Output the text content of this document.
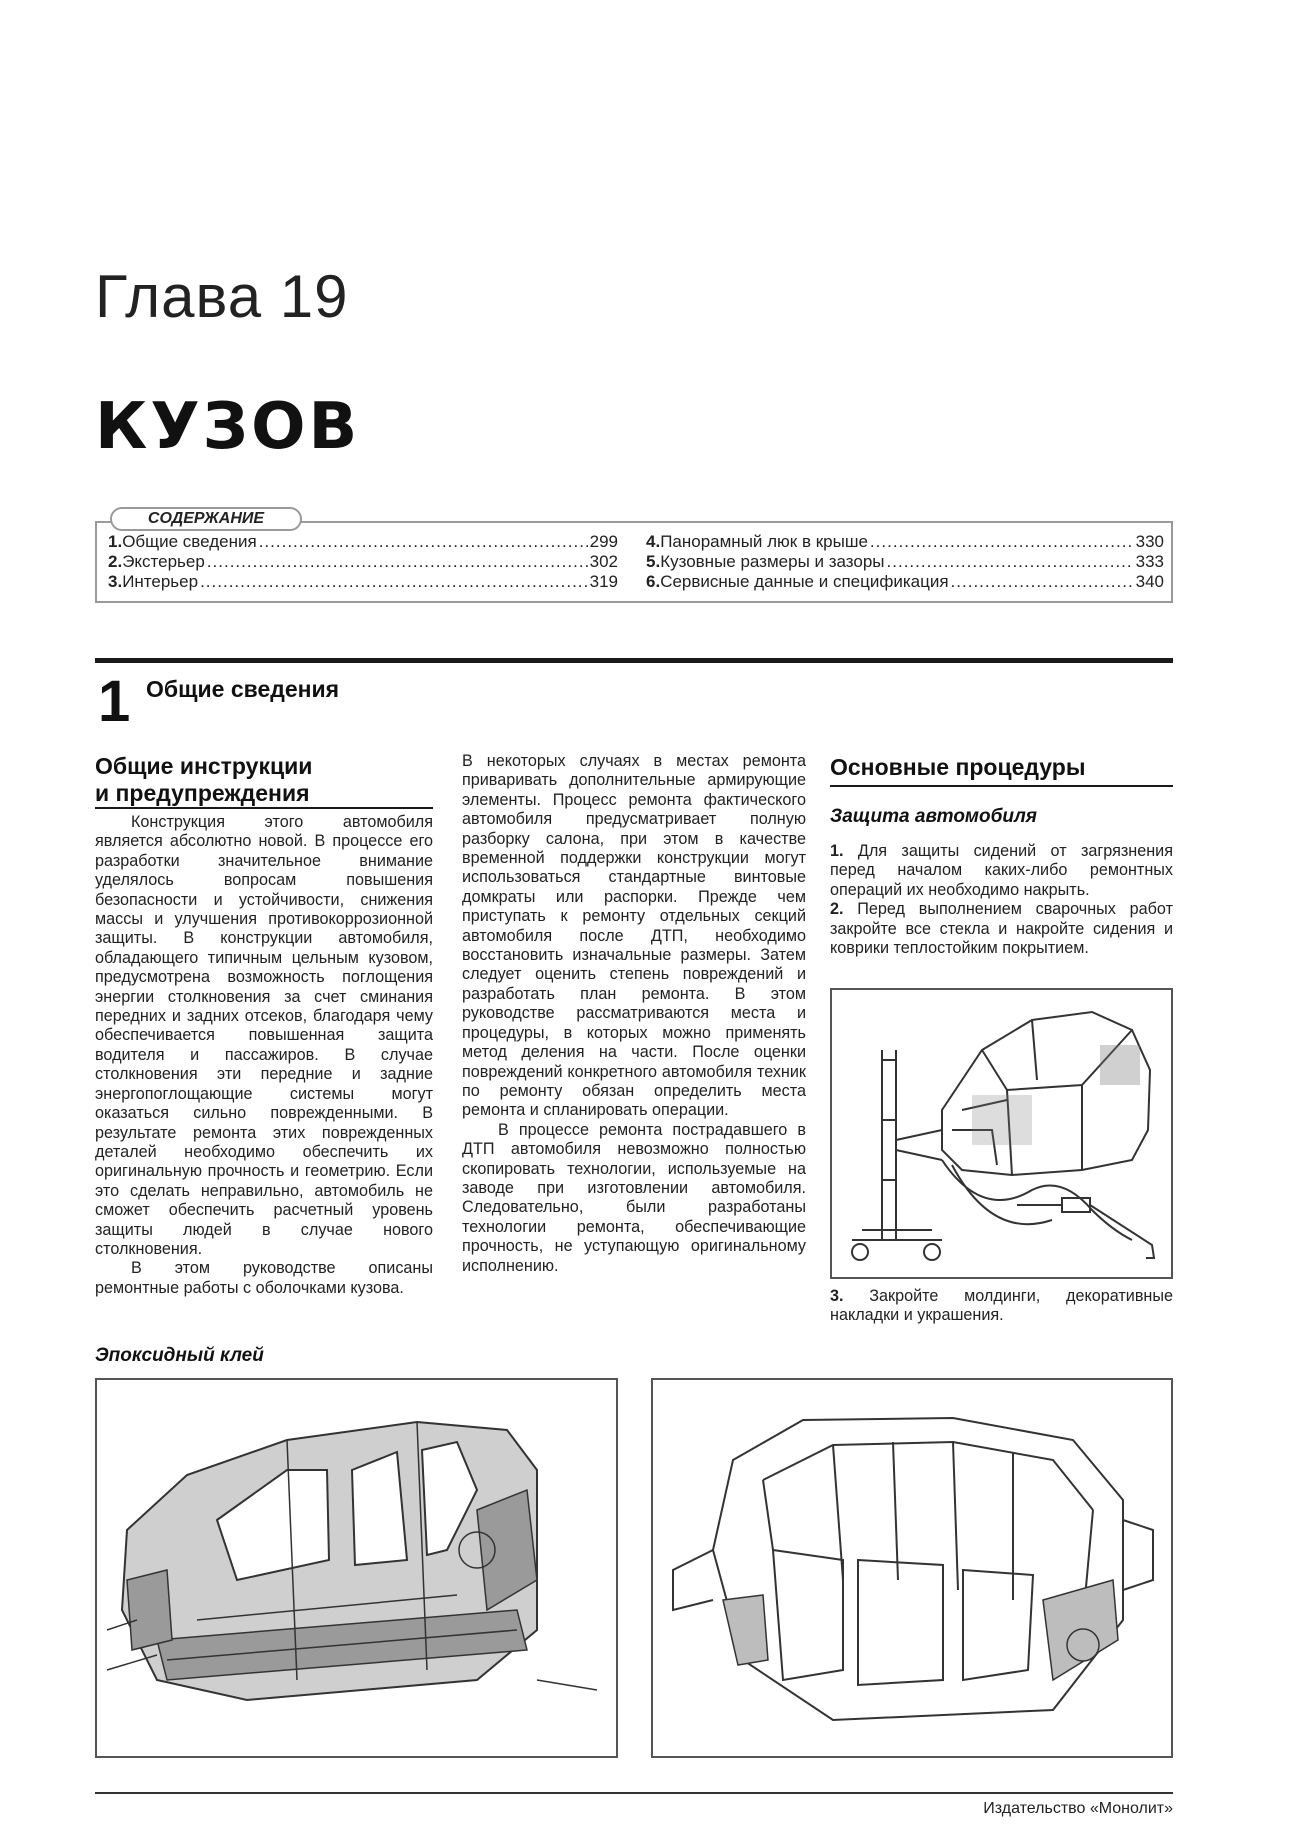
Глава 19
КУЗОВ
СОДЕРЖАНИЕ
1. Общие сведения .....	299
2. Экстерьер .....	302
3. Интерьер .....	319
4. Панорамный люк в крыше .....	330
5. Кузовные размеры и зазоры .....	333
6. Сервисные данные и спецификация .....	340
1 Общие сведения
Общие инструкции
и предупреждения

Конструкция этого автомобиля является абсолютно новой. В процессе его разработки значительное внимание уделялось вопросам повышения безопасности и устойчивости, снижения массы и улучшения противокоррозионной защиты. В конструкции автомобиля, обладающего типичным цельным кузовом, предусмотрена возможность поглощения энергии столкновения за счет сминания передних и задних отсеков, благодаря чему обеспечивается повышенная защита водителя и пассажиров. В случае столкновения эти передние и задние энергопоглощающие системы могут оказаться сильно поврежденными. В результате ремонта этих поврежденных деталей необходимо обеспечить их оригинальную прочность и геометрию. Если это сделать неправильно, автомобиль не сможет обеспечить расчетный уровень защиты людей в случае нового столкновения.

В этом руководстве описаны ремонтные работы с оболочками кузова.

В некоторых случаях в местах ремонта приваривать дополнительные армирующие элементы. Процесс ремонта фактического автомобиля предусматривает полную разборку салона, при этом в качестве временной поддержки конструкции могут использоваться стандартные винтовые домкраты или распорки. Прежде чем приступать к ремонту отдельных секций автомобиля после ДТП, необходимо восстановить изначальные размеры. Затем следует оценить степень повреждений и разработать план ремонта. В этом руководстве рассматриваются места и процедуры, в которых можно применять метод деления на части. После оценки повреждений конкретного автомобиля техник по ремонту обязан определить места ремонта и спланировать операции.

В процессе ремонта пострадавшего в ДТП автомобиля невозможно полностью скопировать технологии, используемые на заводе при изготовлении автомобиля. Следовательно, были разработаны технологии ремонта, обеспечивающие прочность, не уступающую оригинальному исполнению.

Основные процедуры
Защита автомобиля

1. Для защиты сидений от загрязнения перед началом каких-либо ремонтных операций их необходимо накрыть.

2. Перед выполнением сварочных работ закройте все стекла и накройте сидения и коврики теплостойким покрытием.

3. Закройте молдинги, декоративные накладки и украшения.

Эпоксидный клей
Издательство «Монолит»
